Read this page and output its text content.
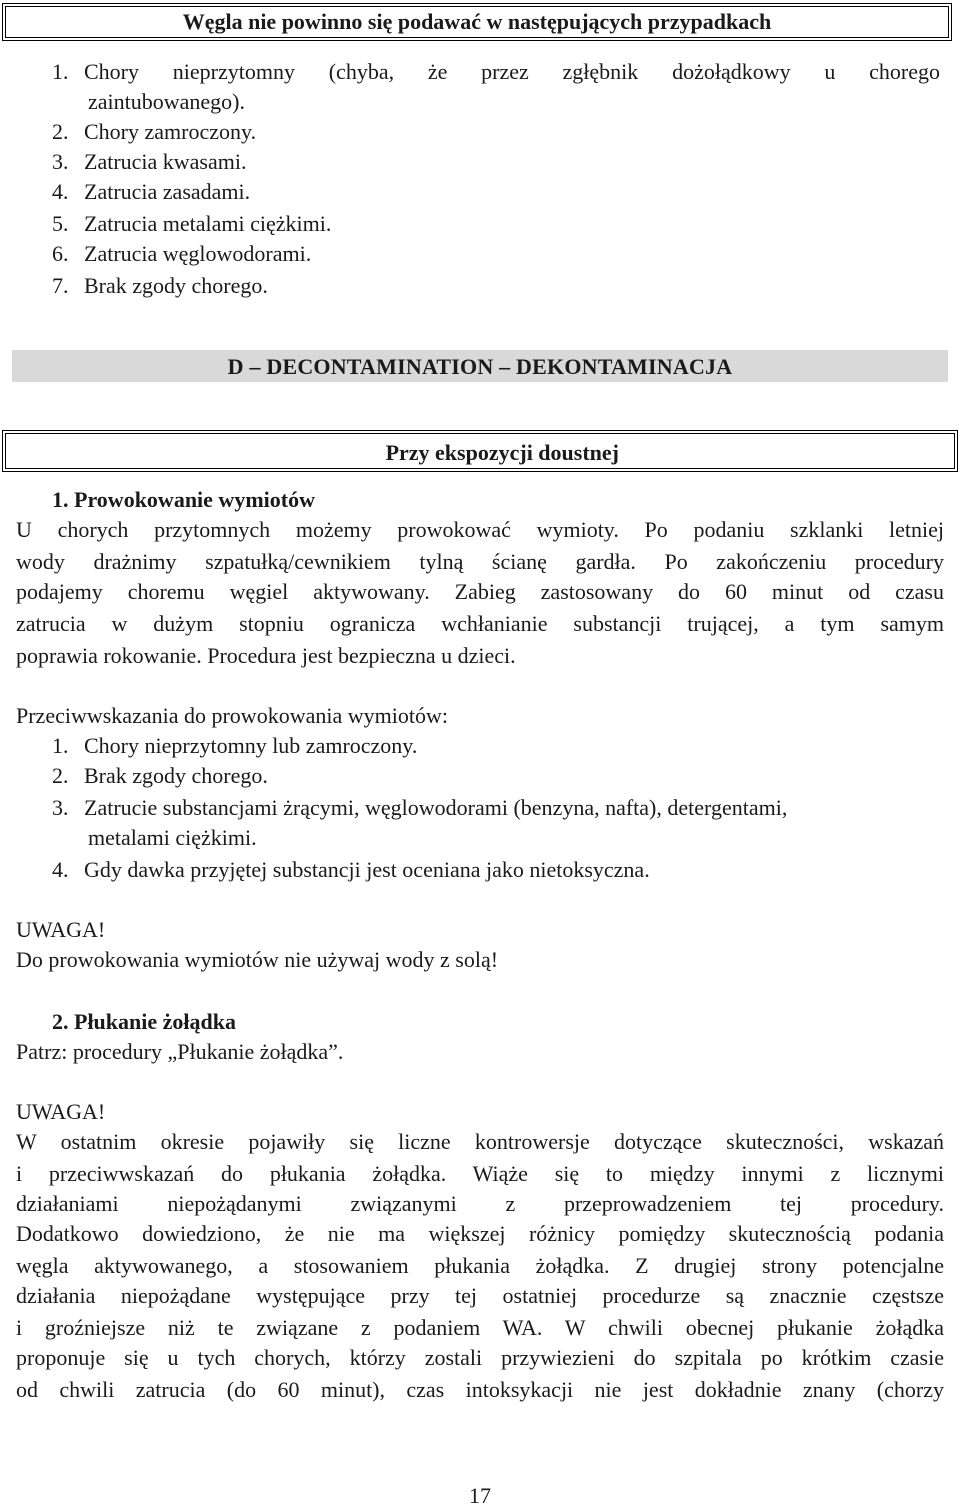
Węgla nie powinno się podawać w następujących przypadkach
1. Chory nieprzytomny (chyba, że przez zgłębnik dożołądkowy u chorego
zaintubowanego).
2. Chory zamroczony.
3. Zatrucia kwasami.
4. Zatrucia zasadami.
5. Zatrucia metalami ciężkimi.
6. Zatrucia węglowodorami.
7. Brak zgody chorego.
D – DECONTAMINATION – DEKONTAMINACJA
Przy ekspozycji doustnej
1. Prowokowanie wymiotów
U chorych przytomnych możemy prowokować wymioty. Po podaniu szklanki letniej
wody drażnimy szpatułką/cewnikiem tylną ścianę gardła. Po zakończeniu procedury
podajemy choremu węgiel aktywowany. Zabieg zastosowany do 60 minut od czasu
zatrucia w dużym stopniu ogranicza wchłanianie substancji trującej, a tym samym
poprawia rokowanie. Procedura jest bezpieczna u dzieci.
Przeciwwskazania do prowokowania wymiotów:
1. Chory nieprzytomny lub zamroczony.
2. Brak zgody chorego.
3. Zatrucie substancjami żrącymi, węglowodorami (benzyna, nafta), detergentami,
metalami ciężkimi.
4. Gdy dawka przyjętej substancji jest oceniana jako nietoksyczna.
UWAGA!
Do prowokowania wymiotów nie używaj wody z solą!
2. Płukanie żołądka
Patrz: procedury „Płukanie żołądka”.
UWAGA!
W ostatnim okresie pojawiły się liczne kontrowersje dotyczące skuteczności, wskazań
i przeciwwskazań do płukania żołądka. Wiąże się to między innymi z licznymi
działaniami niepożądanymi związanymi z przeprowadzeniem tej procedury.
Dodatkowo dowiedziono, że nie ma większej różnicy pomiędzy skutecznością podania
węgla aktywowanego, a stosowaniem płukania żołądka. Z drugiej strony potencjalne
działania niepożądane występujące przy tej ostatniej procedurze są znacznie częstsze
i groźniejsze niż te związane z podaniem WA. W chwili obecnej płukanie żołądka
proponuje się u tych chorych, którzy zostali przywiezieni do szpitala po krótkim czasie
od chwili zatrucia (do 60 minut), czas intoksykacji nie jest dokładnie znany (chorzy
17
